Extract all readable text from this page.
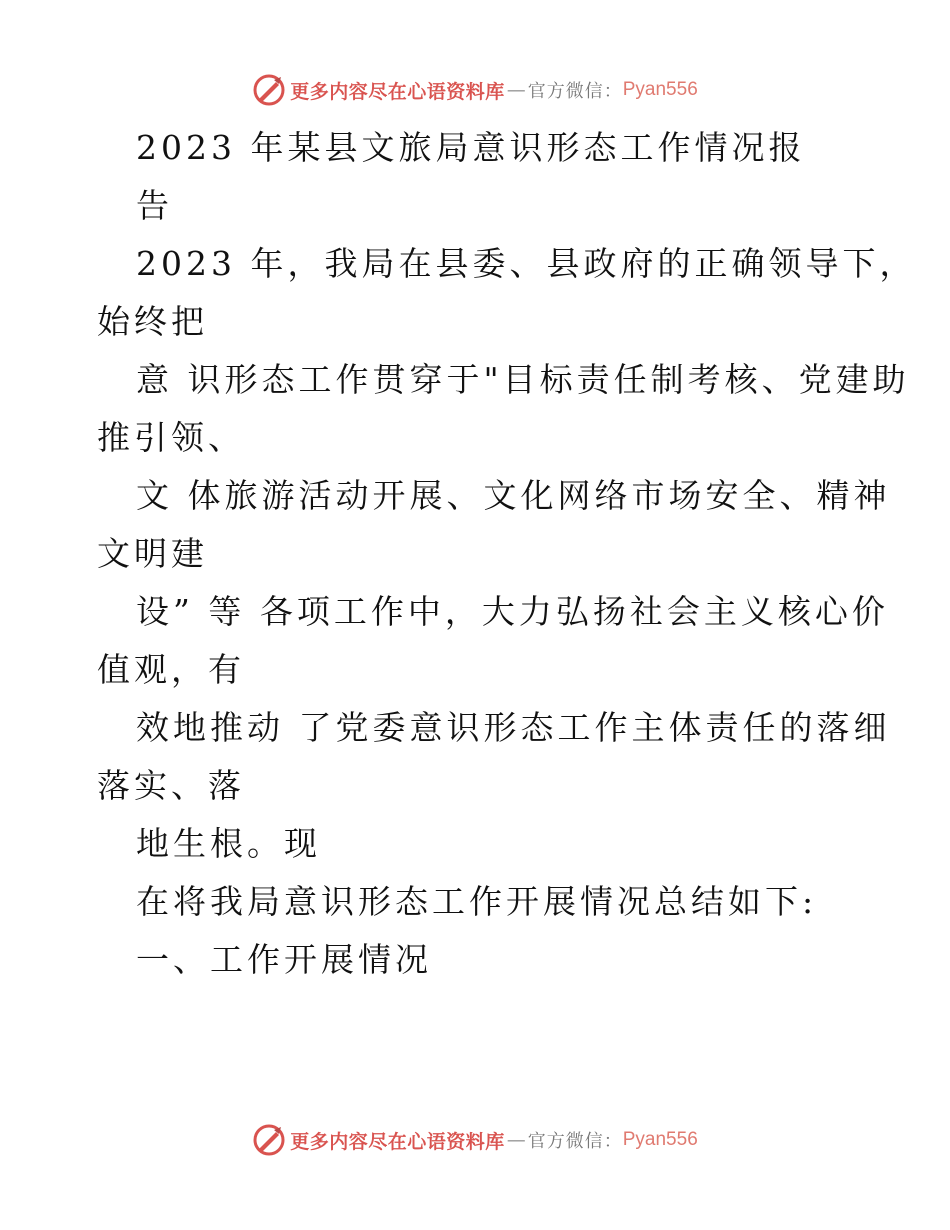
更多内容尽在心语资料库 — 官方微信： Pyan556
2023 年某县文旅局意识形态工作情况报
告
2023 年，我局在县委、县政府的正确领导下，
始终把
意 识形态工作贯穿于"目标责任制考核、党建助
推引领、
文 体旅游活动开展、文化网络市场安全、精神
文明建
设” 等 各项工作中，大力弘扬社会主义核心价
值观，有
效地推动 了党委意识形态工作主体责任的落细
落实、落
地生根。现
在将我局意识形态工作开展情况总结如下:
一、工作开展情况
更多内容尽在心语资料库 — 官方微信： Pyan556
